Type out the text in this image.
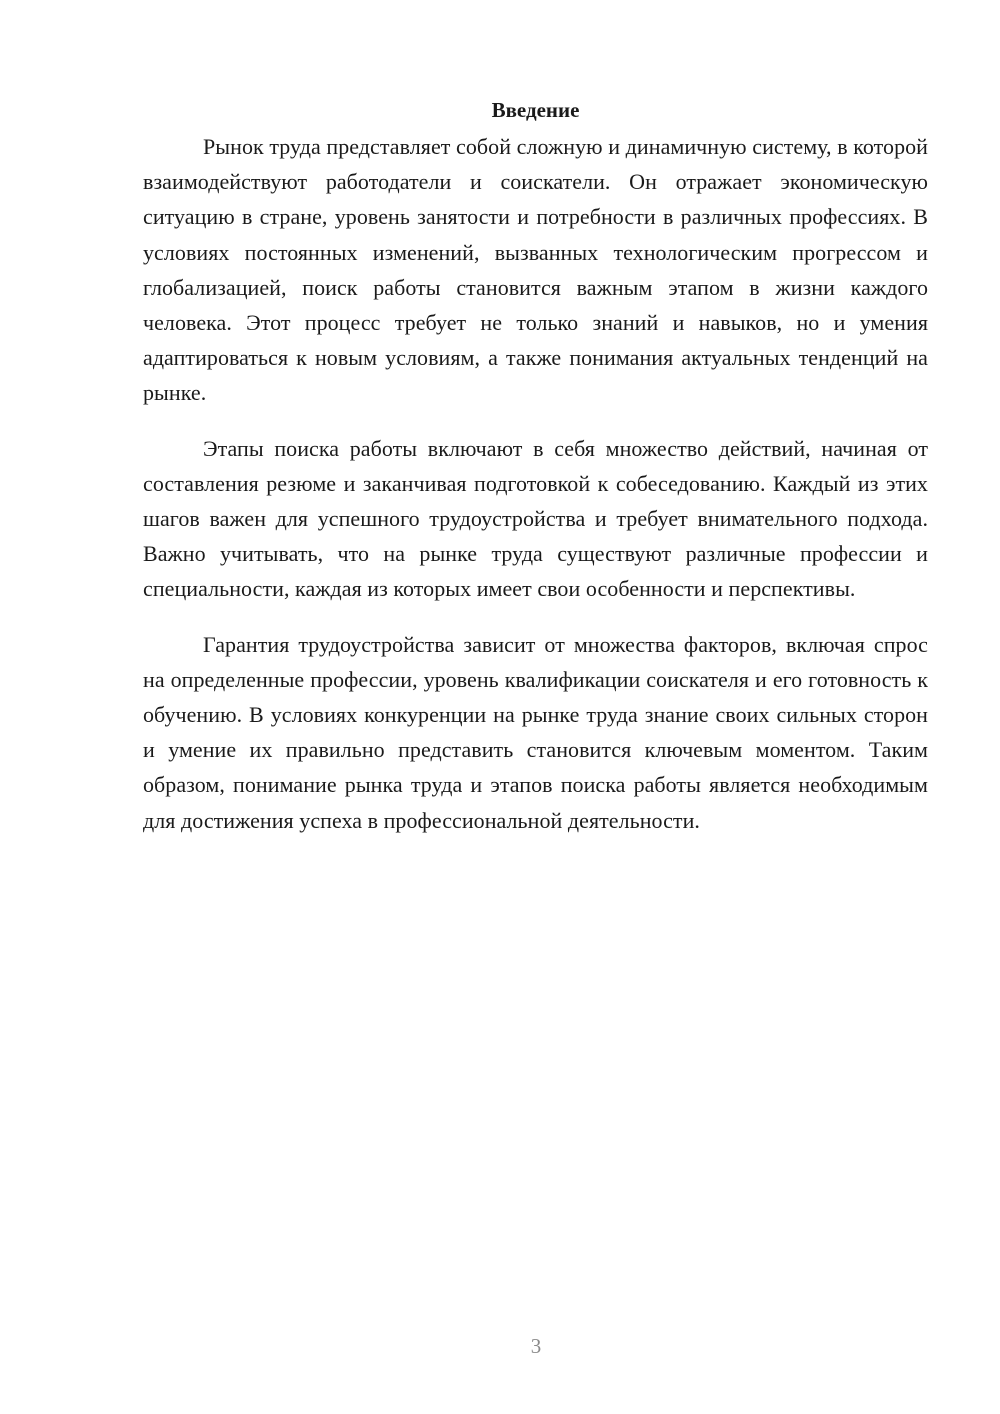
Введение

Рынок труда представляет собой сложную и динамичную систему, в которой взаимодействуют работодатели и соискатели. Он отражает экономическую ситуацию в стране, уровень занятости и потребности в различных профессиях. В условиях постоянных изменений, вызванных технологическим прогрессом и глобализацией, поиск работы становится важным этапом в жизни каждого человека. Этот процесс требует не только знаний и навыков, но и умения адаптироваться к новым условиям, а также понимания актуальных тенденций на рынке.

Этапы поиска работы включают в себя множество действий, начиная от составления резюме и заканчивая подготовкой к собеседованию. Каждый из этих шагов важен для успешного трудоустройства и требует внимательного подхода. Важно учитывать, что на рынке труда существуют различные профессии и специальности, каждая из которых имеет свои особенности и перспективы.

Гарантия трудоустройства зависит от множества факторов, включая спрос на определенные профессии, уровень квалификации соискателя и его готовность к обучению. В условиях конкуренции на рынке труда знание своих сильных сторон и умение их правильно представить становится ключевым моментом. Таким образом, понимание рынка труда и этапов поиска работы является необходимым для достижения успеха в профессиональной деятельности.

3
